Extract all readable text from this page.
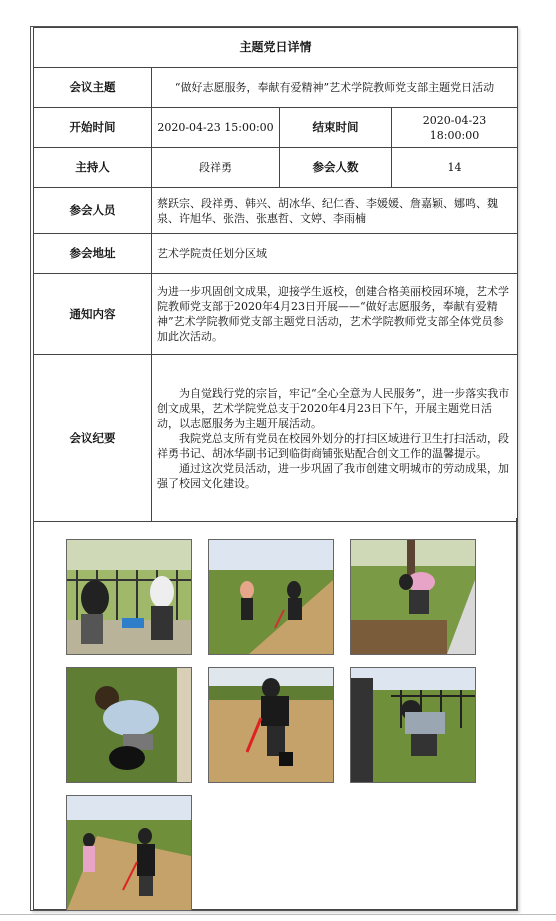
主题党日详情			
会议主题	“做好志愿服务，奉献有爱精神”艺术学院教师党支部主题党日活动		
开始时间	2020-04-23 15:00:00	结束时间	2020-04-23 18:00:00
主持人	段祥勇	参会人数	14
参会人员	蔡跃宗、段祥勇、韩兴、胡冰华、纪仁香、李媛媛、詹嘉颖、娜鸣、魏泉、许旭华、张浩、张惠哲、文婷、李雨楠		
参会地址	艺术学院责任划分区域		
通知内容	为进一步巩固创文成果，迎接学生返校，创建合格美丽校园环境，艺术学院教师党支部于2020年4月23日开展——“做好志愿服务，奉献有爱精神”艺术学院教师党支部主题党日活动，艺术学院教师党支部全体党员参加此次活动。		
会议纪要	为自觉践行党的宗旨，牢记“全心全意为人民服务”，进一步落实我市创文成果，艺术学院党总支于2020年4月23日下午，开展主题党日活动，以志愿服务为主题开展活动。

我院党总支所有党员在校园外划分的打扫区域进行卫生打扫活动，段祥勇书记、胡冰华副书记到临街商铺张贴配合创文工作的温馨提示。

通过这次党员活动，进一步巩固了我市创建文明城市的劳动成果，加强了校园文化建设。		
